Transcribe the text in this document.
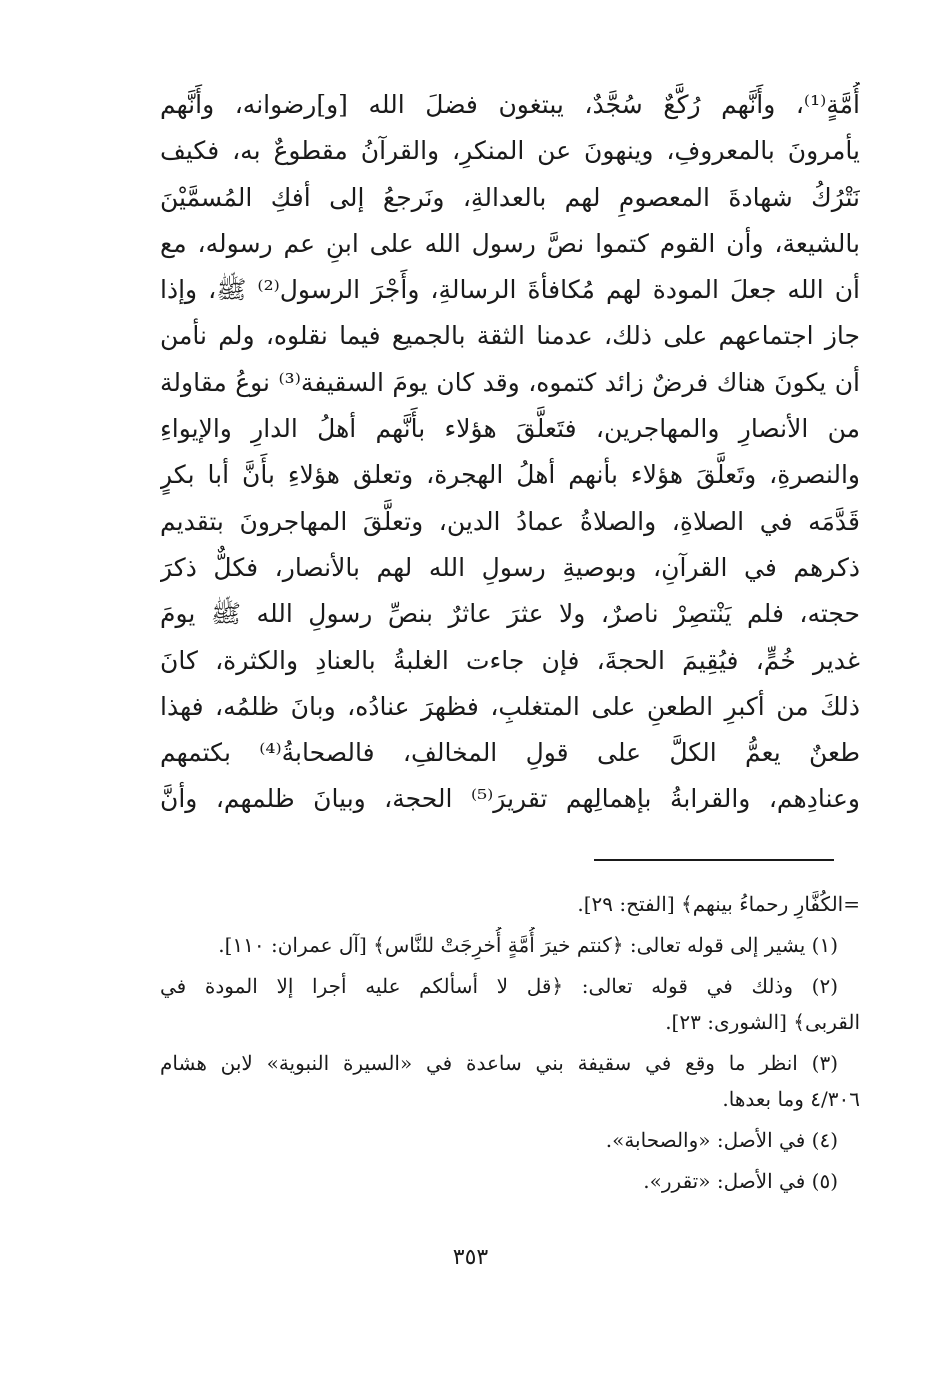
أُمَّةٍ⁽¹⁾، وأَنَّهم رُكَّعٌ سُجَّدٌ، يبتغون فضلَ الله [و]رضوانه، وأَنَّهم
يأمرونَ بالمعروفِ، وينهونَ عن المنكرِ، والقرآنُ مقطوعٌ به، فكيف
نَتْرُكُ شهادةَ المعصومِ لهم بالعدالةِ، ونَرجعُ إلى أفكِ المُسمَّيْنَ
بالشيعة، وأن القوم كتموا نصَّ رسول الله على ابنِ عم رسوله، مع
أن الله جعلَ المودة لهم مُكافأةَ الرسالةِ، وأَجْرَ الرسول⁽²⁾ ﷺ، وإذا
جاز اجتماعهم على ذلك، عدمنا الثقة بالجميع فيما نقلوه، ولم نأمن
أن يكونَ هناك فرضٌ زائد كتموه، وقد كان يومَ السقيفة⁽³⁾ نوعُ مقاولة
من الأنصارِ والمهاجرين، فتَعلَّقَ هؤلاء بأَنَّهم أهلُ الدارِ والإيواءِ
والنصرةِ، وتَعلَّقَ هؤلاء بأنهم أهلُ الهجرة، وتعلق هؤلاءِ بأَنَّ أبا بكرٍ
قَدَّمَه في الصلاةِ، والصلاةُ عمادُ الدين، وتعلَّقَ المهاجرونَ بتقديم
ذكرهم في القرآنِ، وبوصيةِ رسولِ الله لهم بالأنصار، فكلٌّ ذكرَ
حجته، فلم يَنْتصِرْ ناصرٌ، ولا عثرَ عاثرٌ بنصِّ رسولِ الله ﷺ يومَ
غدير خُمٍّ، فيُقِيمَ الحجةَ، فإن جاءت الغلبةُ بالعنادِ والكثرة، كانَ
ذلكَ من أكبرِ الطعنِ على المتغلبِ، فظهرَ عنادُه، وبانَ ظلمُه، فهذا
طعنٌ يعمُّ الكلَّ على قولِ المخالفِ، فالصحابةُ⁽⁴⁾ بكتمهم
وعنادِهم، والقرابةُ بإهمالِهم تقريرَ⁽⁵⁾ الحجة، وبيانَ ظلمهم، وأنَّ
=الكُفَّارِ رحماءُ بينهم﴾ [الفتح: ٢٩].
(١) يشير إلى قوله تعالى: ﴿كنتم خيرَ أُمَّةٍ أُخرِجَتْ للنَّاس﴾ [آل عمران: ١١٠].
(٢) وذلك في قوله تعالى: ﴿قل لا أسألكم عليه أجرا إلا المودة في
القربى﴾ [الشورى: ٢٣].
(٣) انظر ما وقع في سقيفة بني ساعدة في «السيرة النبوية» لابن هشام
٤/٣٠٦ وما بعدها.
(٤) في الأصل: «والصحابة».
(٥) في الأصل: «تقرر».
٣٥٣
